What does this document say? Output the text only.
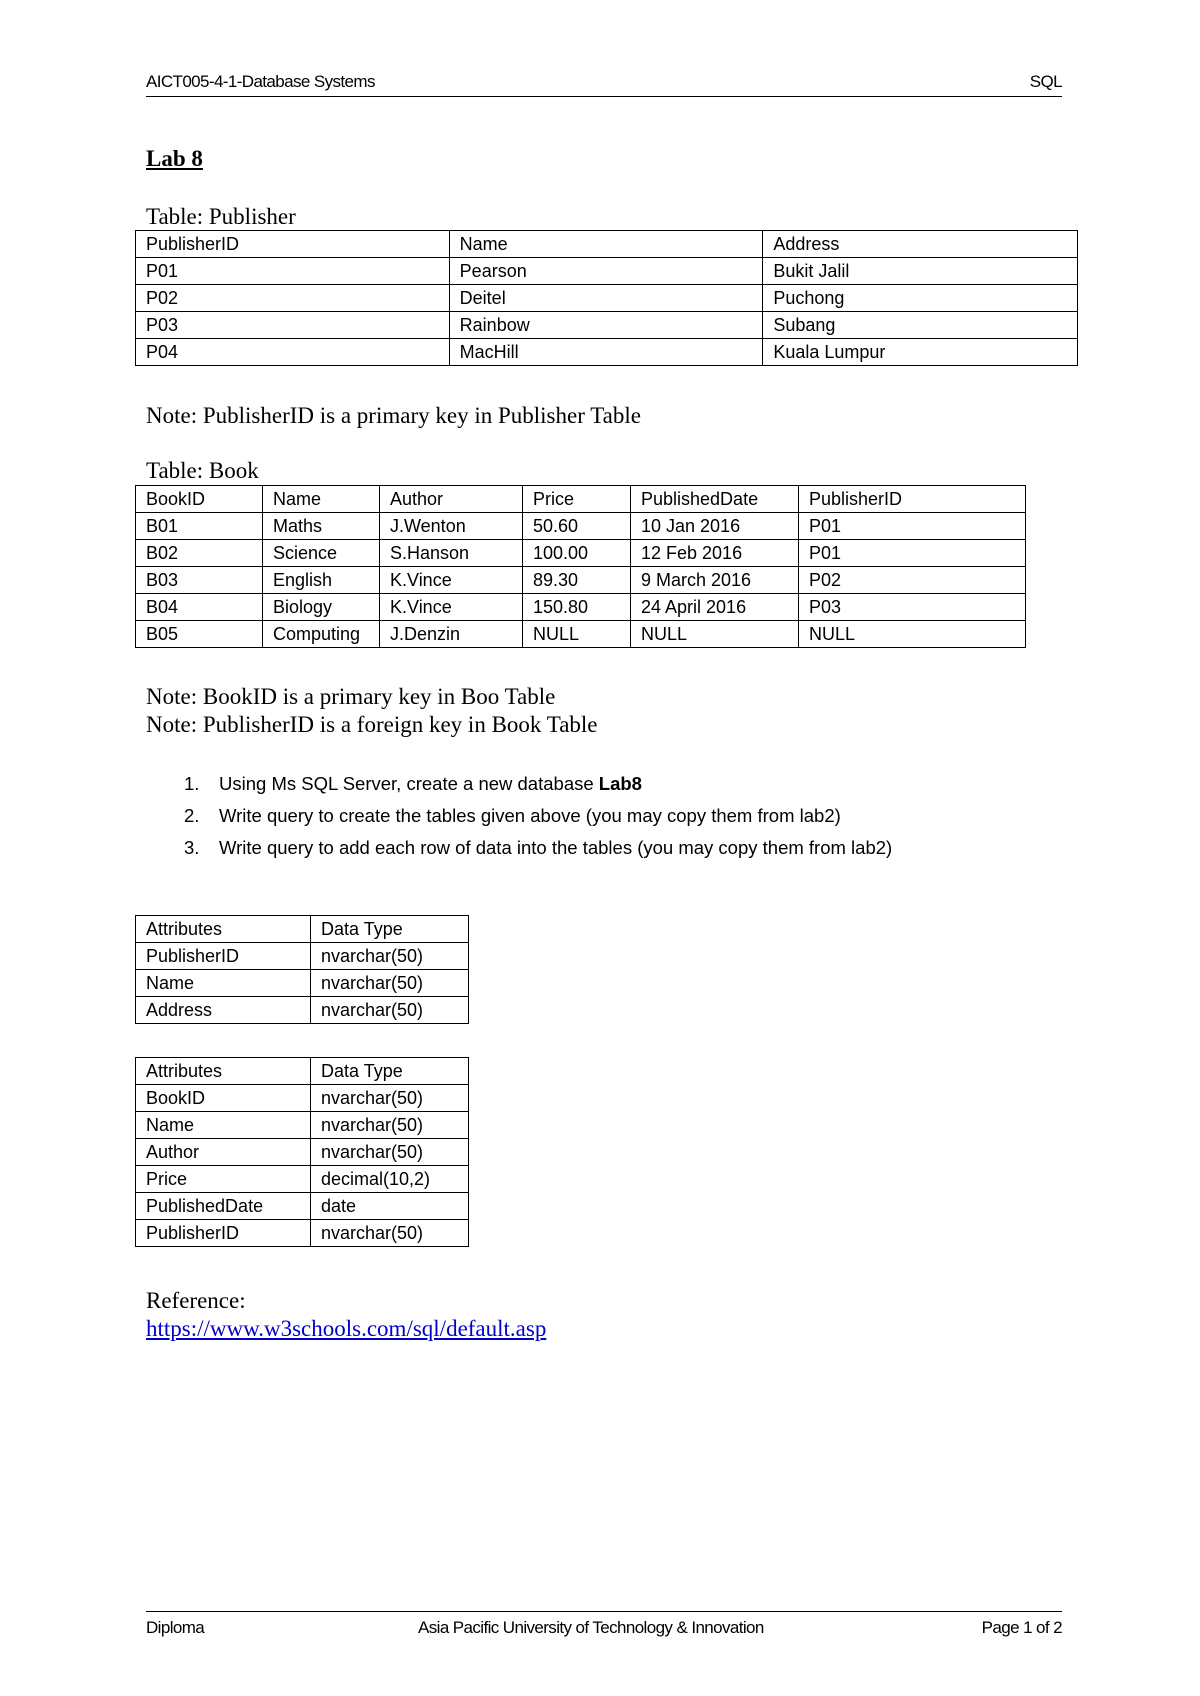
AICT005-4-1-Database Systems	SQL
Lab 8
Table: Publisher
PublisherID	Name	Address
P01	Pearson	Bukit Jalil
P02	Deitel	Puchong
P03	Rainbow	Subang
P04	MacHill	Kuala Lumpur
Note: PublisherID is a primary key in Publisher Table
Table: Book
BookID	Name	Author	Price	PublishedDate	PublisherID
B01	Maths	J.Wenton	50.60	10 Jan 2016	P01
B02	Science	S.Hanson	100.00	12 Feb 2016	P01
B03	English	K.Vince	89.30	9 March 2016	P02
B04	Biology	K.Vince	150.80	24 April 2016	P03
B05	Computing	J.Denzin	NULL	NULL	NULL
Note: BookID is a primary key in Boo Table
Note: PublisherID is a foreign key in Book Table
1. Using Ms SQL Server, create a new database Lab8
2. Write query to create the tables given above (you may copy them from lab2)
3. Write query to add each row of data into the tables (you may copy them from lab2)
Attributes	Data Type
PublisherID	nvarchar(50)
Name	nvarchar(50)
Address	nvarchar(50)
Attributes	Data Type
BookID	nvarchar(50)
Name	nvarchar(50)
Author	nvarchar(50)
Price	decimal(10,2)
PublishedDate	date
PublisherID	nvarchar(50)
Reference:
https://www.w3schools.com/sql/default.asp
Diploma	Asia Pacific University of Technology & Innovation	Page 1 of 2
